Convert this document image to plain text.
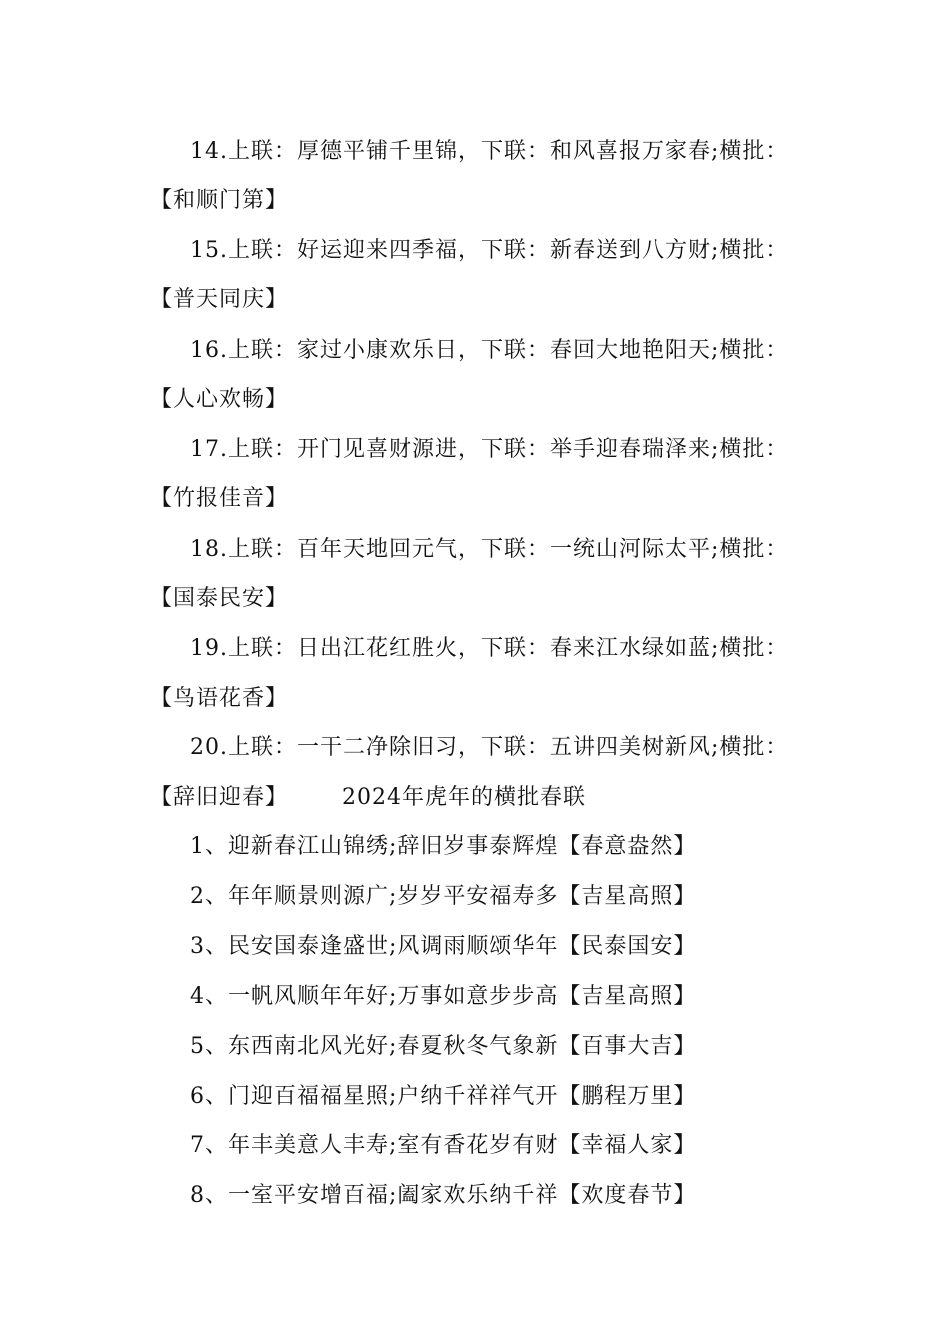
14.上联：厚德平铺千里锦，下联：和风喜报万家春;横批：
【和顺门第】
15.上联：好运迎来四季福，下联：新春送到八方财;横批：
【普天同庆】
16.上联：家过小康欢乐日，下联：春回大地艳阳天;横批：
【人心欢畅】
17.上联：开门见喜财源进，下联：举手迎春瑞泽来;横批：
【竹报佳音】
18.上联：百年天地回元气，下联：一统山河际太平;横批：
【国泰民安】
19.上联：日出江花红胜火，下联：春来江水绿如蓝;横批：
【鸟语花香】
20.上联：一干二净除旧习，下联：五讲四美树新风;横批：
【辞旧迎春】 2024年虎年的横批春联
1、迎新春江山锦绣;辞旧岁事泰辉煌【春意盎然】
2、年年顺景则源广;岁岁平安福寿多【吉星高照】
3、民安国泰逢盛世;风调雨顺颂华年【民泰国安】
4、一帆风顺年年好;万事如意步步高【吉星高照】
5、东西南北风光好;春夏秋冬气象新【百事大吉】
6、门迎百福福星照;户纳千祥祥气开【鹏程万里】
7、年丰美意人丰寿;室有香花岁有财【幸福人家】
8、一室平安增百福;阖家欢乐纳千祥【欢度春节】
